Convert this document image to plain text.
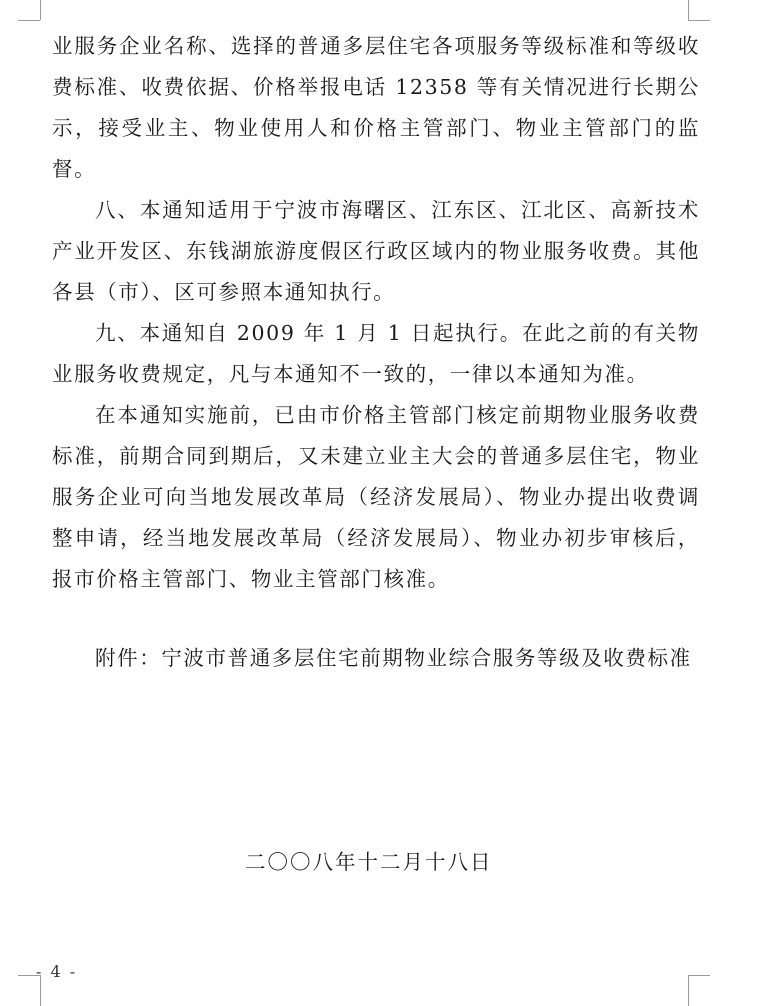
业服务企业名称、选择的普通多层住宅各项服务等级标准和等级收费标准、收费依据、价格举报电话 12358 等有关情况进行长期公示，接受业主、物业使用人和价格主管部门、物业主管部门的监督。

八、本通知适用于宁波市海曙区、江东区、江北区、高新技术产业开发区、东钱湖旅游度假区行政区域内的物业服务收费。其他各县（市）、区可参照本通知执行。

九、本通知自 2009 年 1 月 1 日起执行。在此之前的有关物业服务收费规定，凡与本通知不一致的，一律以本通知为准。

在本通知实施前，已由市价格主管部门核定前期物业服务收费标准，前期合同到期后，又未建立业主大会的普通多层住宅，物业服务企业可向当地发展改革局（经济发展局）、物业办提出收费调整申请，经当地发展改革局（经济发展局）、物业办初步审核后，报市价格主管部门、物业主管部门核准。

附件： 宁波市普通多层住宅前期物业综合服务等级及收费标准
二〇〇八年十二月十八日
- 4 -
